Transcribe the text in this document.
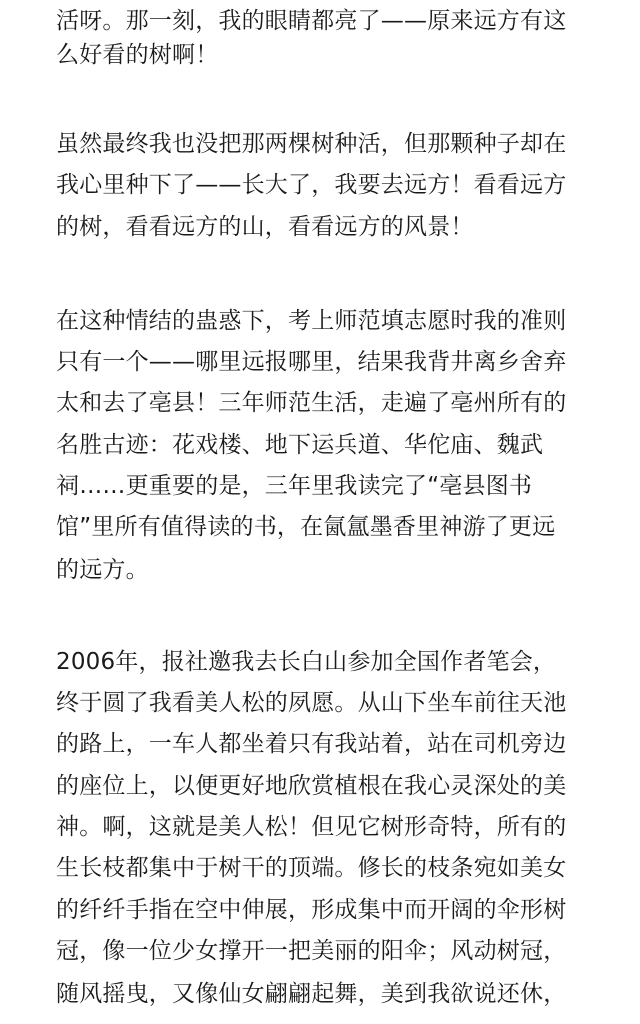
活呀。那一刻，我的眼睛都亮了——原来远方有这

么好看的树啊！

虽然最终我也没把那两棵树种活，但那颗种子却在

我心里种下了——长大了，我要去远方！看看远方

的树，看看远方的山，看看远方的风景！

在这种情结的蛊惑下，考上师范填志愿时我的准则

只有一个——哪里远报哪里，结果我背井离乡舍弃

太和去了亳县！三年师范生活，走遍了亳州所有的

名胜古迹：花戏楼、地下运兵道、华佗庙、魏武

祠……更重要的是，三年里我读完了“亳县图书

馆”里所有值得读的书，在氤氲墨香里神游了更远

的远方。

2006年，报社邀我去长白山参加全国作者笔会，

终于圆了我看美人松的夙愿。从山下坐车前往天池

的路上，一车人都坐着只有我站着，站在司机旁边

的座位上，以便更好地欣赏植根在我心灵深处的美

神。啊，这就是美人松！但见它树形奇特，所有的

生长枝都集中于树干的顶端。修长的枝条宛如美女

的纤纤手指在空中伸展，形成集中而开阔的伞形树

冠，像一位少女撑开一把美丽的阳伞；风动树冠，

随风摇曳，又像仙女翩翩起舞，美到我欲说还休，
